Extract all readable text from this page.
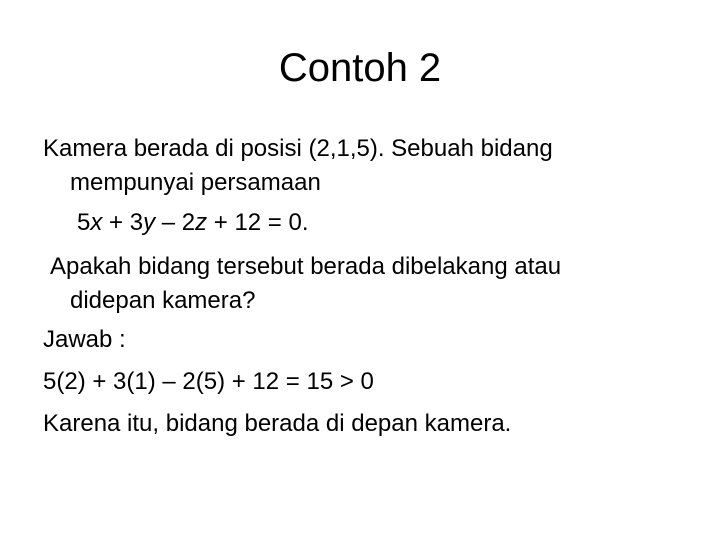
Contoh 2
Kamera berada di posisi (2,1,5). Sebuah bidang
mempunyai persamaan
5x + 3y – 2z + 12 = 0.
Apakah bidang tersebut berada dibelakang atau
didepan kamera?
Jawab :
5(2) + 3(1) – 2(5) + 12 = 15 > 0
Karena itu, bidang berada di depan kamera.
